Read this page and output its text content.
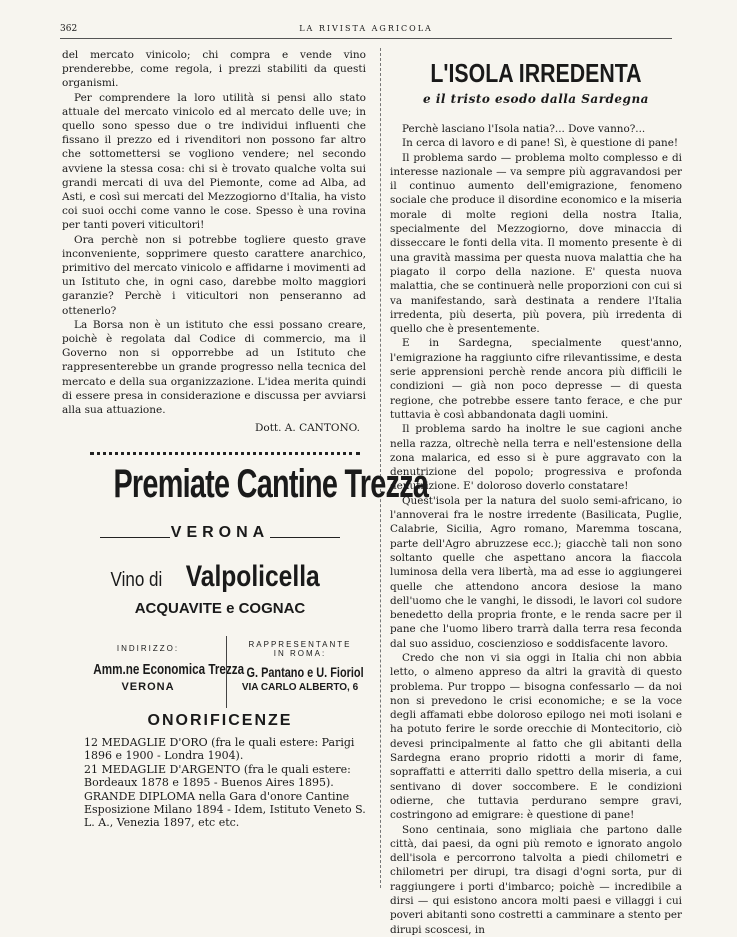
362	LA RIVISTA AGRICOLA

del mercato vinicolo; chi compra e vende vino prenderebbe, come regola, i prezzi stabiliti da questi organismi.

Per comprendere la loro utilità si pensi allo stato attuale del mercato vinicolo ed al mercato delle uve; in quello sono spesso due o tre individui influenti che fissano il prezzo ed i rivenditori non possono far altro che sottomettersi se vogliono vendere; nel secondo avviene la stessa cosa: chi si è trovato qualche volta sui grandi mercati di uva del Piemonte, come ad Alba, ad Asti, e così sui mercati del Mezzogiorno d'Italia, ha visto coi suoi occhi come vanno le cose. Spesso è una rovina per tanti poveri viticultori!

Ora perchè non si potrebbe togliere questo grave inconveniente, sopprimere questo carattere anarchico, primitivo del mercato vinicolo e affidarne i movimenti ad un Istituto che, in ogni caso, darebbe molto maggiori garanzie? Perchè i viticultori non penseranno ad ottenerlo?

La Borsa non è un istituto che essi possano creare, poichè è regolata dal Codice di commercio, ma il Governo non si opporrebbe ad un Istituto che rappresenterebbe un grande progresso nella tecnica del mercato e della sua organizzazione. L'idea merita quindi di essere presa in considerazione e discussa per avviarsi alla sua attuazione.

Dott. A. CANTONO.
Premiate Cantine Trezza
VERONA
Vino di Valpolicella
ACQUAVITE e COGNAC
INDIRIZZO:
Amm.ne Economica Trezza
VERONA
RAPPRESENTANTE
IN ROMA:
G. Pantano e U. Fioriol
VIA CARLO ALBERTO, 6
ONORIFICENZE
12 MEDAGLIE D'ORO (fra le quali estere: Parigi 1896 e 1900 - Londra 1904).
21 MEDAGLIE D'ARGENTO (fra le quali estere: Bordeaux 1878 e 1895 - Buenos Aires 1895).
GRANDE DIPLOMA nella Gara d'onore Cantine Esposizione Milano 1894 - Idem, Istituto Veneto S. L. A., Venezia 1897, etc etc.
L'ISOLA IRREDENTA
e il tristo esodo dalla Sardegna

Perchè lasciano l'Isola natia?... Dove vanno?...

In cerca di lavoro e di pane! Sì, è questione di pane!

Il problema sardo — problema molto complesso e di interesse nazionale — va sempre più aggravandosi per il continuo aumento dell'emigrazione, fenomeno sociale che produce il disordine economico e la miseria morale di molte regioni della nostra Italia, specialmente del Mezzogiorno, dove minaccia di disseccare le fonti della vita. Il momento presente è di una gravità massima per questa nuova malattia che ha piagato il corpo della nazione. E' questa nuova malattia, che se continuerà nelle proporzioni con cui si va manifestando, sarà destinata a rendere l'Italia irredenta, più deserta, più povera, più irredenta di quello che è presentemente.

E in Sardegna, specialmente quest'anno, l'emigrazione ha raggiunto cifre rilevantissime, e desta serie apprensioni perchè rende ancora più difficili le condizioni — già non poco depresse — di questa regione, che potrebbe essere tanto ferace, e che pur tuttavia è così abbandonata dagli uomini.

Il problema sardo ha inoltre le sue cagioni anche nella razza, oltrechè nella terra e nell'estensione della zona malarica, ed esso si è pure aggravato con la denutrizione del popolo; progressiva e profonda denutrizione. E' doloroso doverlo constatare!

Quest'isola per la natura del suolo semi-africano, io l'annoverai fra le nostre irredente (Basilicata, Puglie, Calabrie, Sicilia, Agro romano, Maremma toscana, parte dell'Agro abruzzese ecc.); giacchè tali non sono soltanto quelle che aspettano ancora la fiaccola luminosa della vera libertà, ma ad esse io aggiungerei quelle che attendono ancora desiose la mano dell'uomo che le vanghi, le dissodi, le lavori col sudore benedetto della propria fronte, e le renda sacre per il pane che l'uomo libero trarrà dalla terra resa feconda dal suo assiduo, coscienzioso e soddisfacente lavoro.

Credo che non vi sia oggi in Italia chi non abbia letto, o almeno appreso da altri la gravità di questo problema. Pur troppo — bisogna confessarlo — da noi non si prevedono le crisi economiche; e se la voce degli affamati ebbe doloroso epilogo nei moti isolani e ha potuto ferire le sorde orecchie di Montecitorio, ciò devesi principalmente al fatto che gli abitanti della Sardegna erano proprio ridotti a morir di fame, sopraffatti e atterriti dallo spettro della miseria, a cui sentivano di dover soccombere. E le condizioni odierne, che tuttavia perdurano sempre gravi, costringono ad emigrare: è questione di pane!

Sono centinaia, sono migliaia che partono dalle città, dai paesi, da ogni più remoto e ignorato angolo dell'isola e percorrono talvolta a piedi chilometri e chilometri per dirupi, tra disagi d'ogni sorta, pur di raggiungere i porti d'imbarco; poichè — incredibile a dirsi — qui esistono ancora molti paesi e villaggi i cui poveri abitanti sono costretti a camminare a stento per dirupi scoscesi, in
